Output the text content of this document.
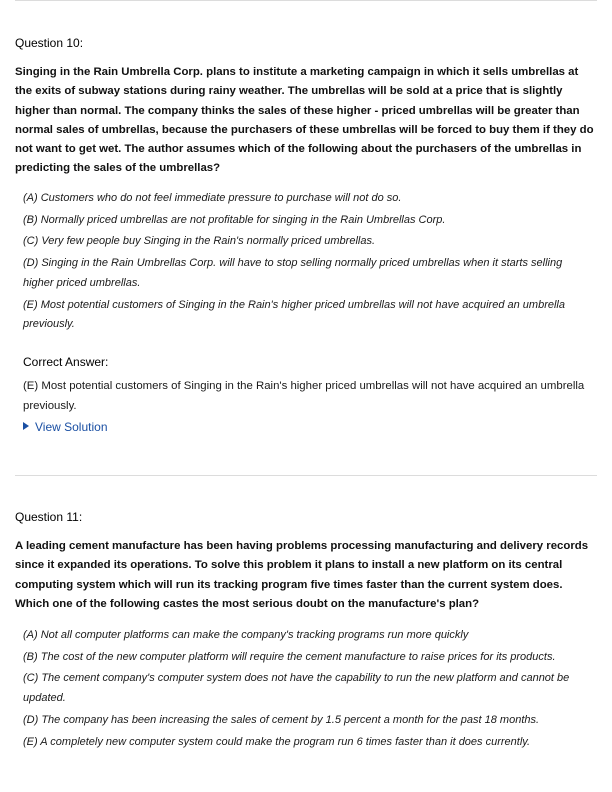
Question 10:
Singing in the Rain Umbrella Corp. plans to institute a marketing campaign in which it sells umbrellas at the exits of subway stations during rainy weather. The umbrellas will be sold at a price that is slightly higher than normal. The company thinks the sales of these higher - priced umbrellas will be greater than normal sales of umbrellas, because the purchasers of these umbrellas will be forced to buy them if they do not want to get wet. The author assumes which of the following about the purchasers of the umbrellas in predicting the sales of the umbrellas?
(A) Customers who do not feel immediate pressure to purchase will not do so.
(B) Normally priced umbrellas are not profitable for singing in the Rain Umbrellas Corp.
(C) Very few people buy Singing in the Rain's normally priced umbrellas.
(D) Singing in the Rain Umbrellas Corp. will have to stop selling normally priced umbrellas when it starts selling higher priced umbrellas.
(E) Most potential customers of Singing in the Rain's higher priced umbrellas will not have acquired an umbrella previously.
Correct Answer:
(E) Most potential customers of Singing in the Rain's higher priced umbrellas will not have acquired an umbrella previously.
View Solution
Question 11:
A leading cement manufacture has been having problems processing manufacturing and delivery records since it expanded its operations. To solve this problem it plans to install a new platform on its central computing system which will run its tracking program five times faster than the current system does. Which one of the following castes the most serious doubt on the manufacture's plan?
(A) Not all computer platforms can make the company's tracking programs run more quickly
(B) The cost of the new computer platform will require the cement manufacture to raise prices for its products.
(C) The cement company's computer system does not have the capability to run the new platform and cannot be updated.
(D) The company has been increasing the sales of cement by 1.5 percent a month for the past 18 months.
(E) A completely new computer system could make the program run 6 times faster than it does currently.
